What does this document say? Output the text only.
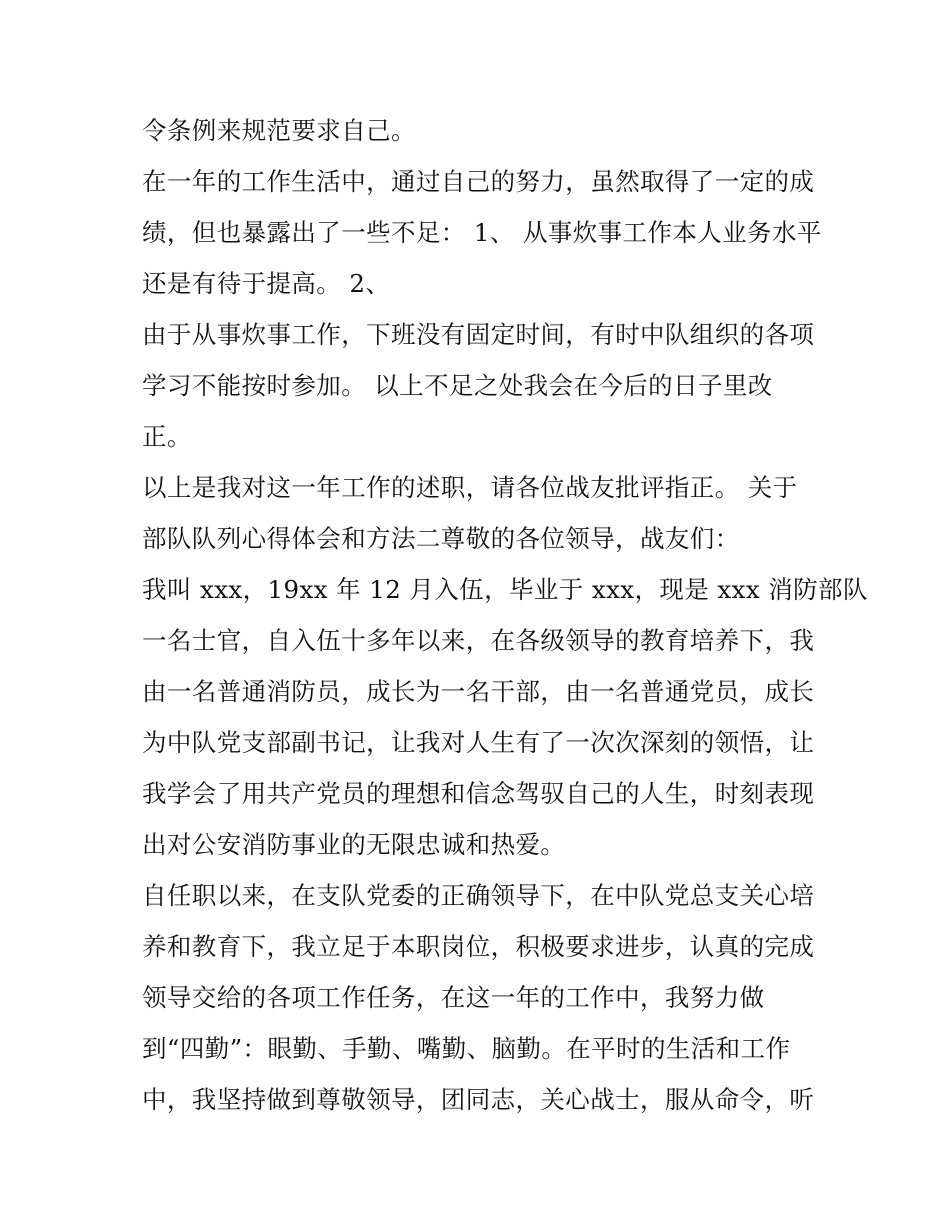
令条例来规范要求自己。
在一年的工作生活中，通过自己的努力，虽然取得了一定的成
绩，但也暴露出了一些不足： 1、 从事炊事工作本人业务水平
还是有待于提高。 2、
由于从事炊事工作，下班没有固定时间，有时中队组织的各项
学习不能按时参加。 以上不足之处我会在今后的日子里改
正。
以上是我对这一年工作的述职，请各位战友批评指正。 关于
部队队列心得体会和方法二尊敬的各位领导，战友们：
我叫 xxx，19xx 年 12 月入伍，毕业于 xxx，现是 xxx 消防部队
一名士官，自入伍十多年以来，在各级领导的教育培养下，我
由一名普通消防员，成长为一名干部，由一名普通党员，成长
为中队党支部副书记，让我对人生有了一次次深刻的领悟，让
我学会了用共产党员的理想和信念驾驭自己的人生，时刻表现
出对公安消防事业的无限忠诚和热爱。
自任职以来，在支队党委的正确领导下，在中队党总支关心培
养和教育下，我立足于本职岗位，积极要求进步，认真的完成
领导交给的各项工作任务，在这一年的工作中，我努力做
到“四勤”：眼勤、手勤、嘴勤、脑勤。在平时的生活和工作
中，我坚持做到尊敬领导，团同志，关心战士，服从命令，听
